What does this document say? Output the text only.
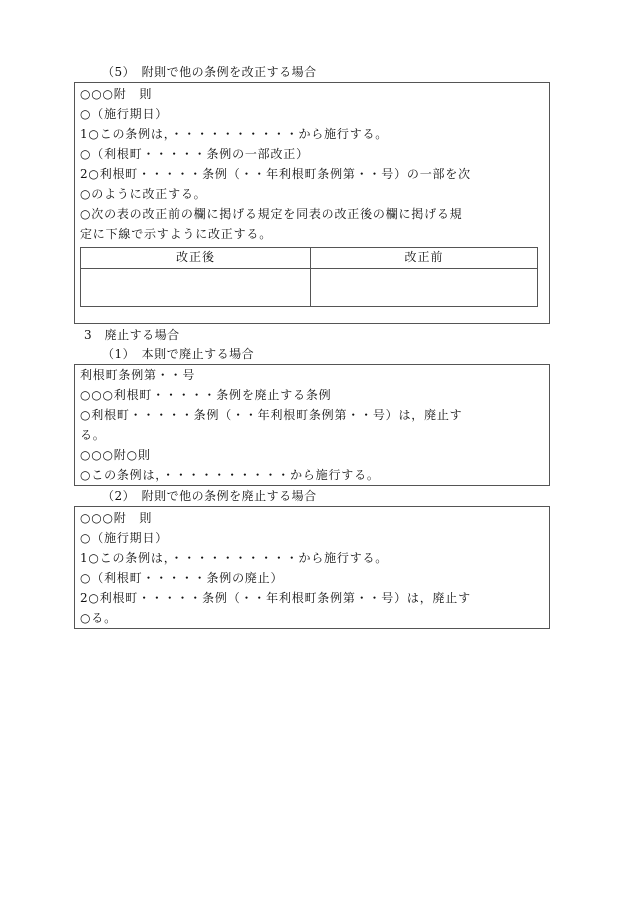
（5）　附則で他の条例を改正する場合
○○○附　則
○（施行期日）
1○この条例は，・・・・・・・・・・から施行する。
○（利根町・・・・・条例の一部改正）
2○利根町・・・・・条例（・・年利根町条例第・・号）の一部を次
○のように改正する。
○次の表の改正前の欄に掲げる規定を同表の改正後の欄に掲げる規
定に下線で示すように改正する。
改正後	改正前
3　廃止する場合
（1）　本則で廃止する場合
利根町条例第・・号
○○○利根町・・・・・条例を廃止する条例
○利根町・・・・・条例（・・年利根町条例第・・号）は，廃止す
る。
○○○附○則
○この条例は，・・・・・・・・・・から施行する。
（2）　附則で他の条例を廃止する場合
○○○附　則
○（施行期日）
1○この条例は，・・・・・・・・・・から施行する。
○（利根町・・・・・条例の廃止）
2○利根町・・・・・条例（・・年利根町条例第・・号）は，廃止す
○る。
